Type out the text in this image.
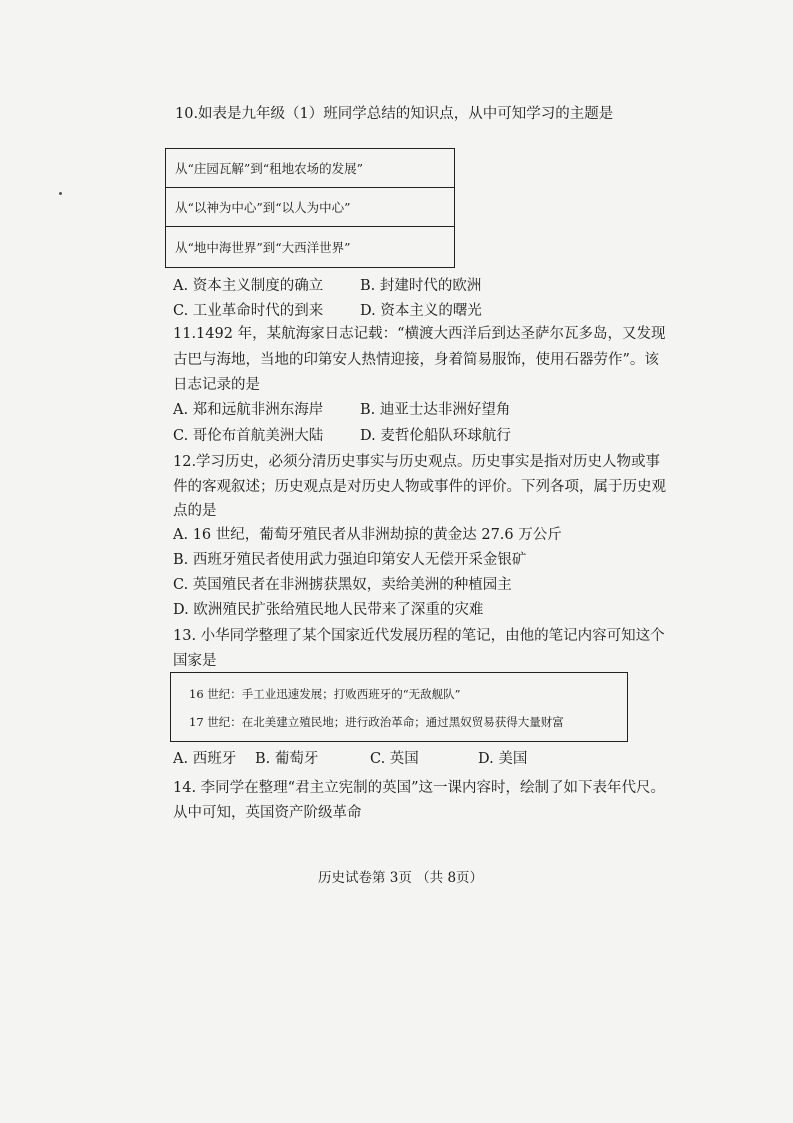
10.如表是九年级（1）班同学总结的知识点，从中可知学习的主题是
从“庄园瓦解”到“租地农场的发展”
从“以神为中心”到“以人为中心”
从“地中海世界”到“大西洋世界”
A. 资本主义制度的确立	B. 封建时代的欧洲
C. 工业革命时代的到来	D. 资本主义的曙光
11.1492 年，某航海家日志记载：“横渡大西洋后到达圣萨尔瓦多岛，又发现
古巴与海地，当地的印第安人热情迎接，身着简易服饰，使用石器劳作”。该
日志记录的是
A. 郑和远航非洲东海岸	B. 迪亚士达非洲好望角
C. 哥伦布首航美洲大陆	D. 麦哲伦船队环球航行
12.学习历史，必须分清历史事实与历史观点。历史事实是指对历史人物或事
件的客观叙述；历史观点是对历史人物或事件的评价。下列各项，属于历史观
点的是
A. 16 世纪，葡萄牙殖民者从非洲劫掠的黄金达 27.6 万公斤
B. 西班牙殖民者使用武力强迫印第安人无偿开采金银矿
C. 英国殖民者在非洲掳获黑奴，卖给美洲的种植园主
D. 欧洲殖民扩张给殖民地人民带来了深重的灾难
13. 小华同学整理了某个国家近代发展历程的笔记，由他的笔记内容可知这个
国家是
16 世纪：手工业迅速发展；打败西班牙的“无敌舰队”
17 世纪：在北美建立殖民地；进行政治革命；通过黑奴贸易获得大量财富
A. 西班牙 B. 葡萄牙	C. 英国	D. 美国
14. 李同学在整理“君主立宪制的英国”这一课内容时，绘制了如下表年代尺。
从中可知，英国资产阶级革命
历史试卷第 3页 （共 8页）
